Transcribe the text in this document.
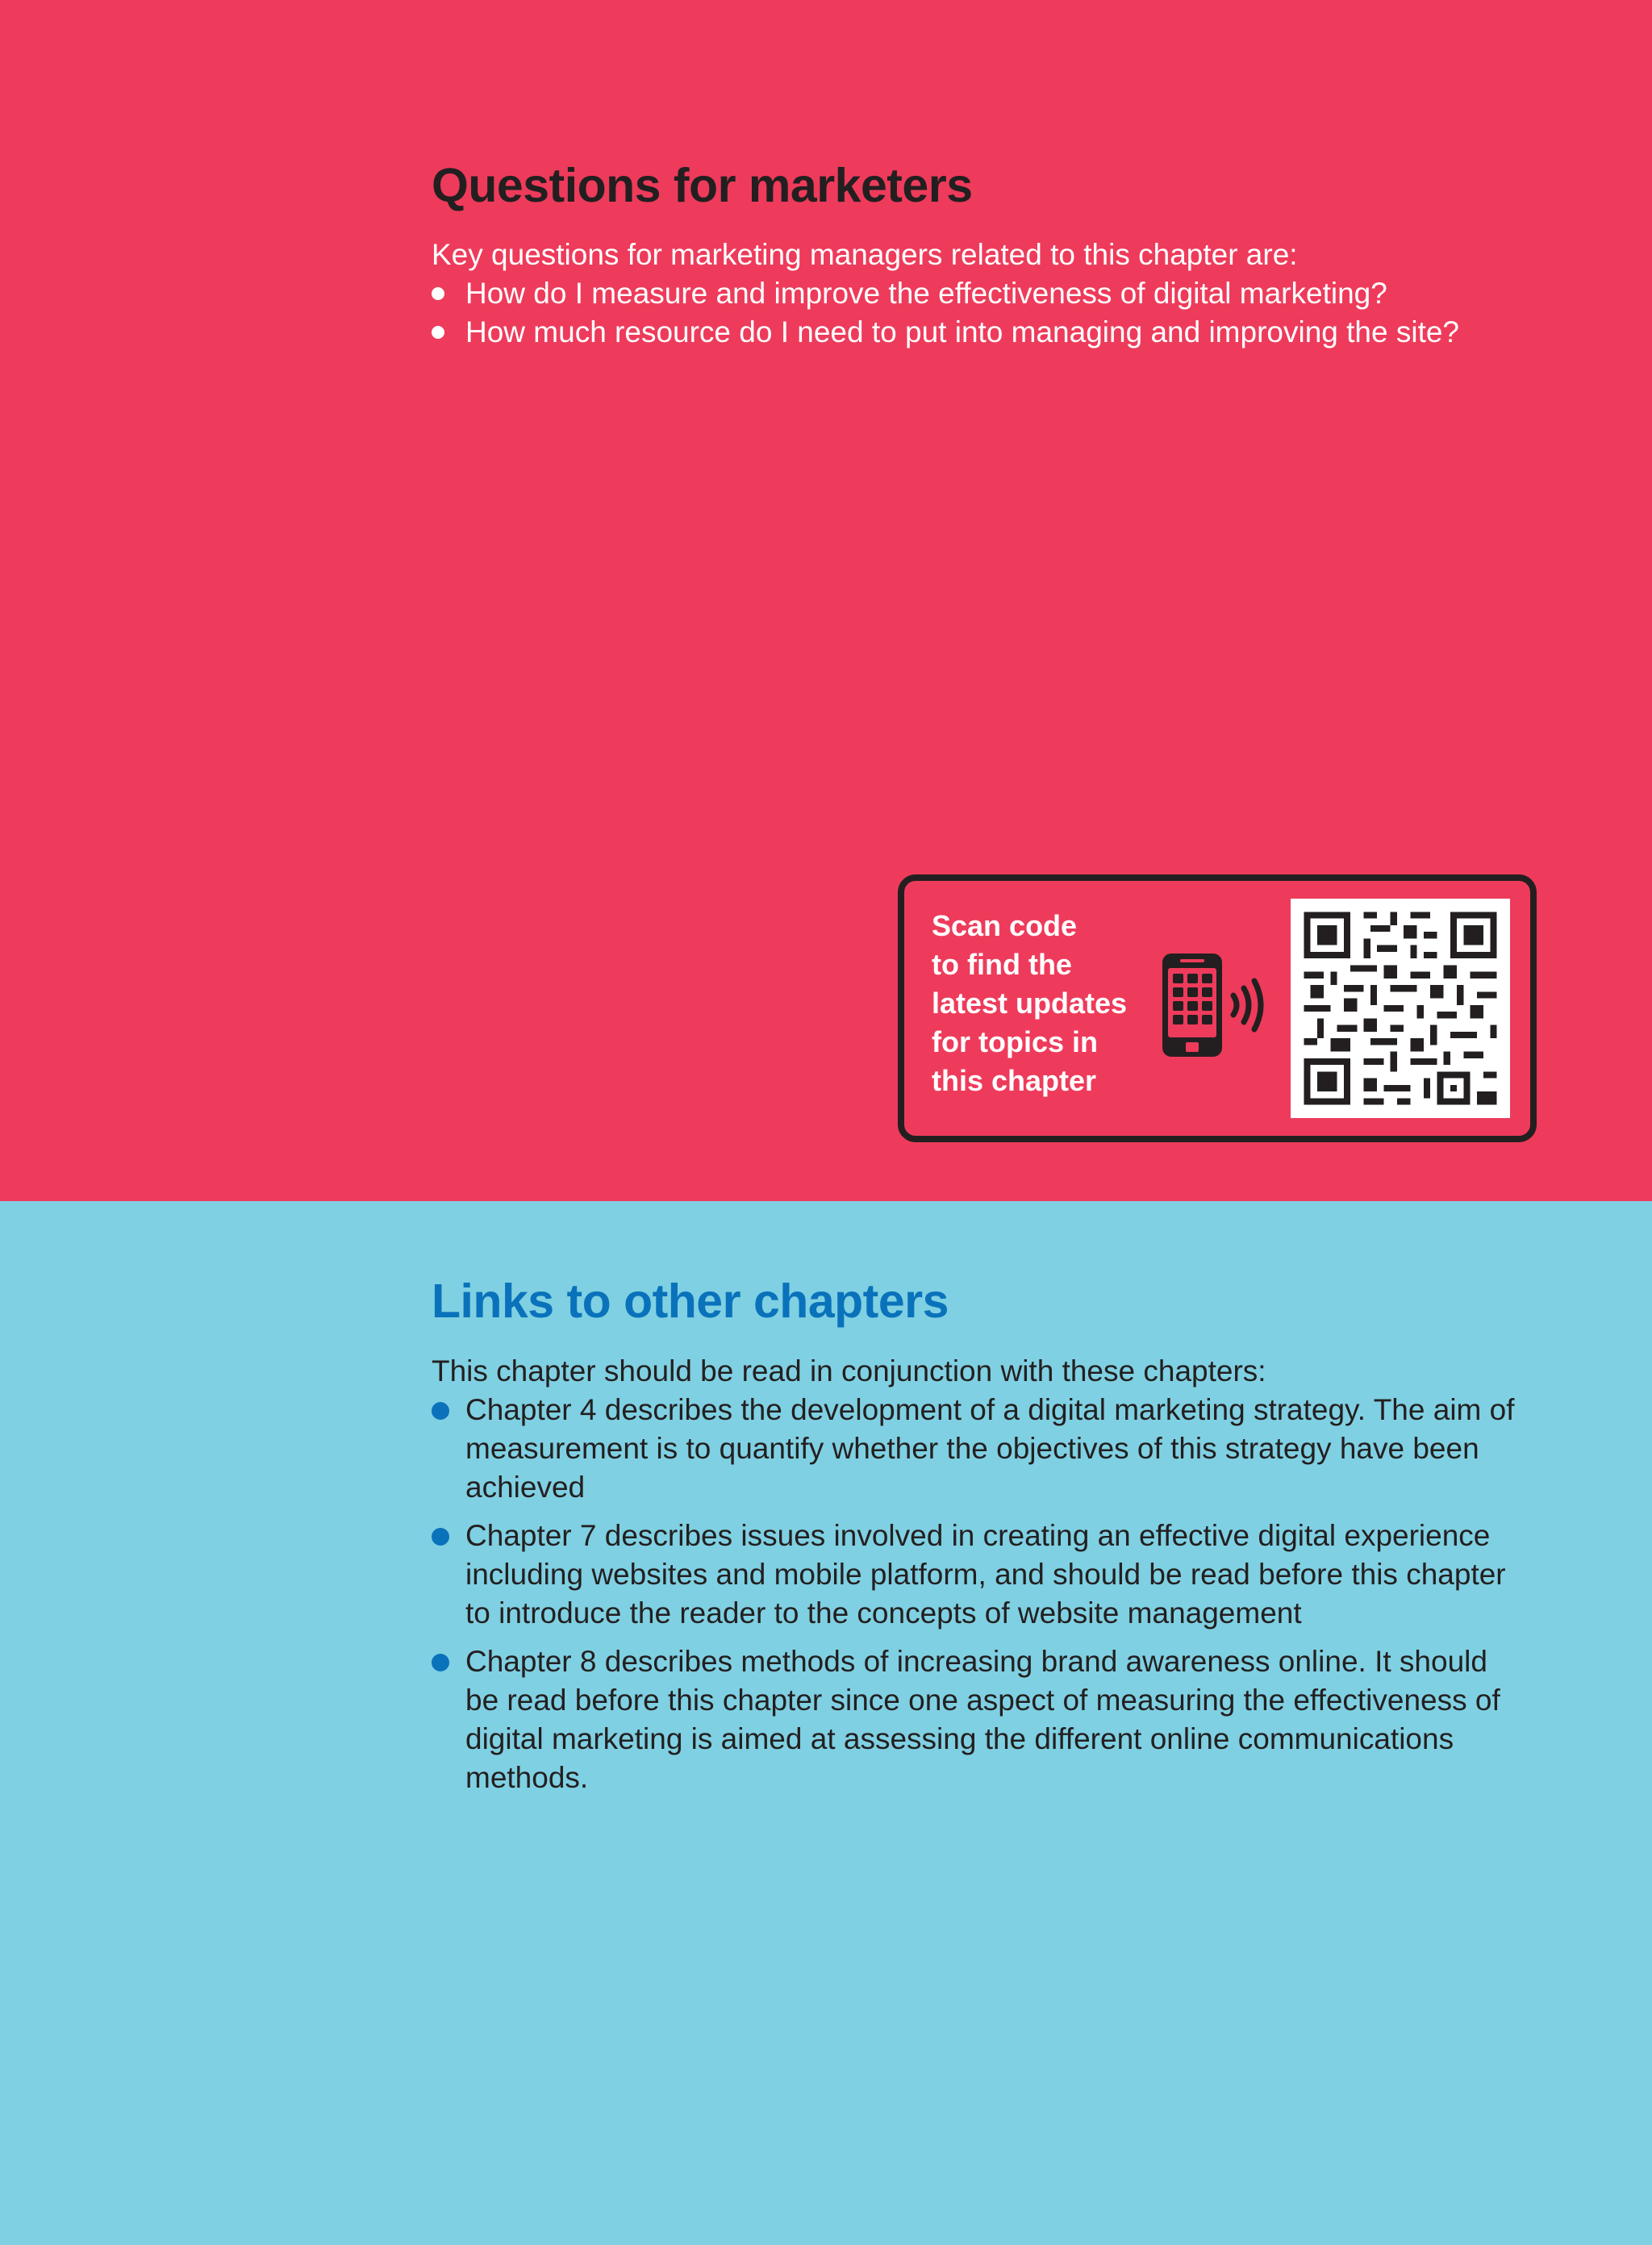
Questions for marketers

Key questions for marketing managers related to this chapter are:

How do I measure and improve the effectiveness of digital marketing?
How much resource do I need to put into managing and improving the site?

Scan code
to find the
latest updates
for topics in
this chapter

Links to other chapters

This chapter should be read in conjunction with these chapters:

Chapter 4 describes the development of a digital marketing strategy. The aim of measurement is to quantify whether the objectives of this strategy have been achieved
Chapter 7 describes issues involved in creating an effective digital experience including websites and mobile platform, and should be read before this chapter to introduce the reader to the concepts of website management
Chapter 8 describes methods of increasing brand awareness online. It should be read before this chapter since one aspect of measuring the effectiveness of digital marketing is aimed at assessing the different online communications methods.
